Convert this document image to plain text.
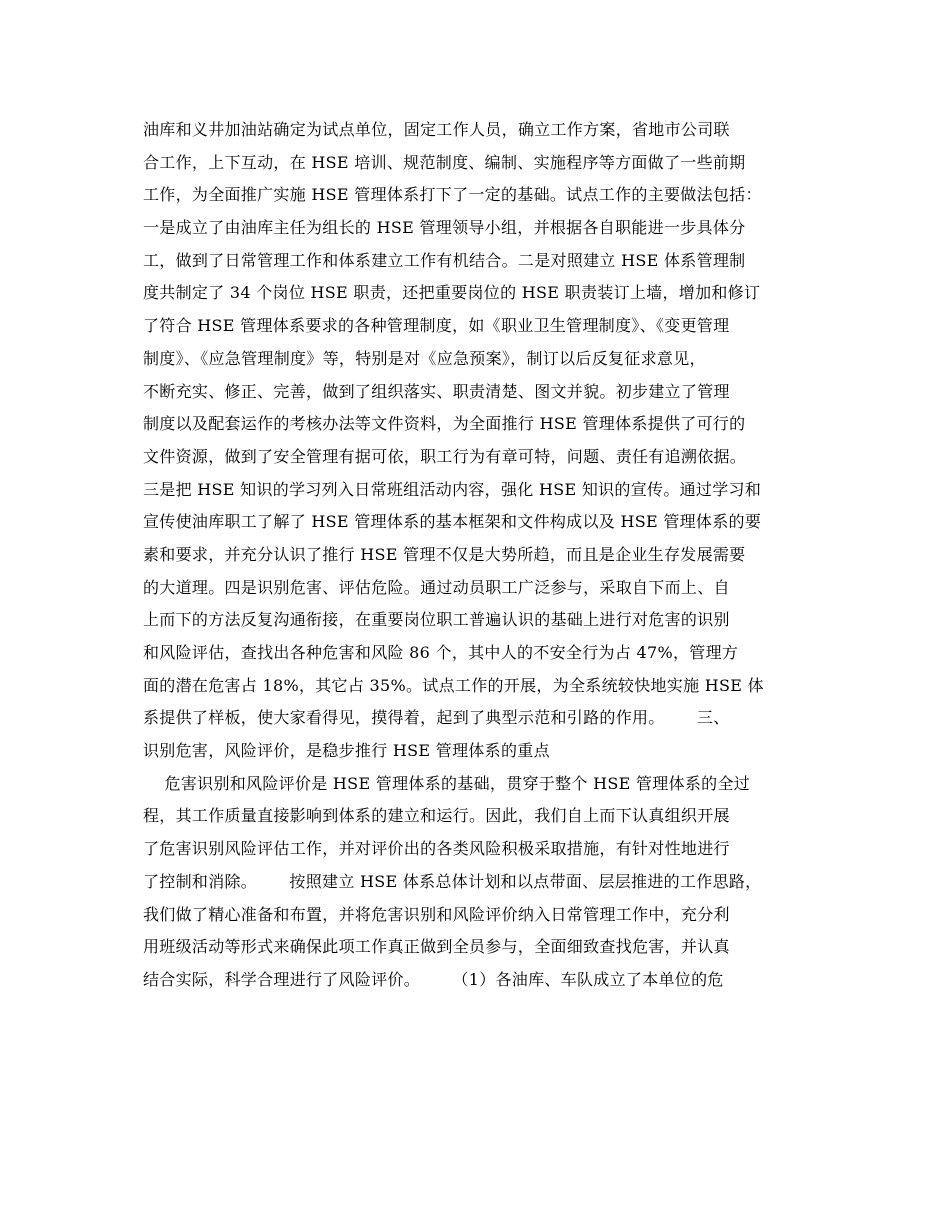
油库和义井加油站确定为试点单位，固定工作人员，确立工作方案，省地市公司联
合工作，上下互动，在 HSE 培训、规范制度、编制、实施程序等方面做了一些前期
工作，为全面推广实施 HSE 管理体系打下了一定的基础。试点工作的主要做法包括：
一是成立了由油库主任为组长的 HSE 管理领导小组，并根据各自职能进一步具体分
工，做到了日常管理工作和体系建立工作有机结合。二是对照建立 HSE 体系管理制
度共制定了 34 个岗位 HSE 职责，还把重要岗位的 HSE 职责装订上墙，增加和修订
了符合 HSE 管理体系要求的各种管理制度，如《职业卫生管理制度》、《变更管理
制度》、《应急管理制度》等，特别是对《应急预案》，制订以后反复征求意见，
不断充实、修正、完善，做到了组织落实、职责清楚、图文并貌。初步建立了管理
制度以及配套运作的考核办法等文件资料，为全面推行 HSE 管理体系提供了可行的
文件资源，做到了安全管理有据可依，职工行为有章可特，问题、责任有追溯依据。
三是把 HSE 知识的学习列入日常班组活动内容，强化 HSE 知识的宣传。通过学习和
宣传使油库职工了解了 HSE 管理体系的基本框架和文件构成以及 HSE 管理体系的要
素和要求，并充分认识了推行 HSE 管理不仅是大势所趋，而且是企业生存发展需要
的大道理。四是识别危害、评估危险。通过动员职工广泛参与，采取自下而上、自
上而下的方法反复沟通衔接，在重要岗位职工普遍认识的基础上进行对危害的识别
和风险评估，查找出各种危害和风险 86 个，其中人的不安全行为占 47%，管理方
面的潜在危害占 18%，其它占 35%。试点工作的开展，为全系统较快地实施 HSE 体
系提供了样板，使大家看得见，摸得着，起到了典型示范和引路的作用。      三、
识别危害，风险评价，是稳步推行 HSE 管理体系的重点
危害识别和风险评价是 HSE 管理体系的基础，贯穿于整个 HSE 管理体系的全过
程，其工作质量直接影响到体系的建立和运行。因此，我们自上而下认真组织开展
了危害识别风险评估工作，并对评价出的各类风险积极采取措施，有针对性地进行
了控制和消除。      按照建立 HSE 体系总体计划和以点带面、层层推进的工作思路，
我们做了精心准备和布置，并将危害识别和风险评价纳入日常管理工作中，充分利
用班级活动等形式来确保此项工作真正做到全员参与，全面细致查找危害，并认真
结合实际，科学合理进行了风险评价。      （1）各油库、车队成立了本单位的危
